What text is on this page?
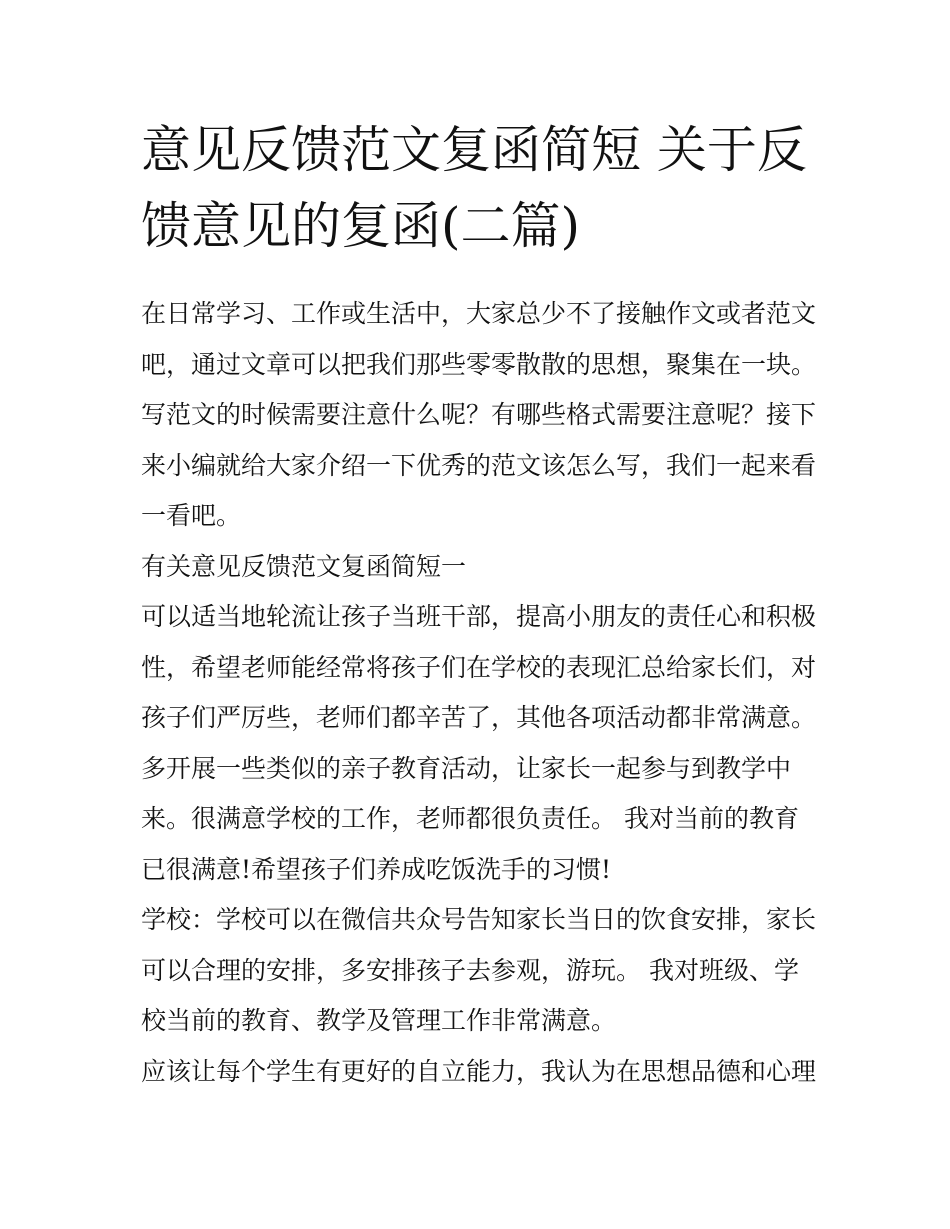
意见反馈范文复函简短 关于反馈意见的复函(二篇)

在日常学习、工作或生活中，大家总少不了接触作文或者范文吧，通过文章可以把我们那些零零散散的思想，聚集在一块。写范文的时候需要注意什么呢？有哪些格式需要注意呢？接下来小编就给大家介绍一下优秀的范文该怎么写，我们一起来看一看吧。

有关意见反馈范文复函简短一

可以适当地轮流让孩子当班干部，提高小朋友的责任心和积极性，希望老师能经常将孩子们在学校的表现汇总给家长们，对孩子们严厉些，老师们都辛苦了，其他各项活动都非常满意。多开展一些类似的亲子教育活动，让家长一起参与到教学中来。很满意学校的工作，老师都很负责任。 我对当前的教育已很满意!希望孩子们养成吃饭洗手的习惯!

学校：学校可以在微信共众号告知家长当日的饮食安排，家长可以合理的安排，多安排孩子去参观，游玩。 我对班级、学校当前的教育、教学及管理工作非常满意。

应该让每个学生有更好的自立能力，我认为在思想品德和心理
